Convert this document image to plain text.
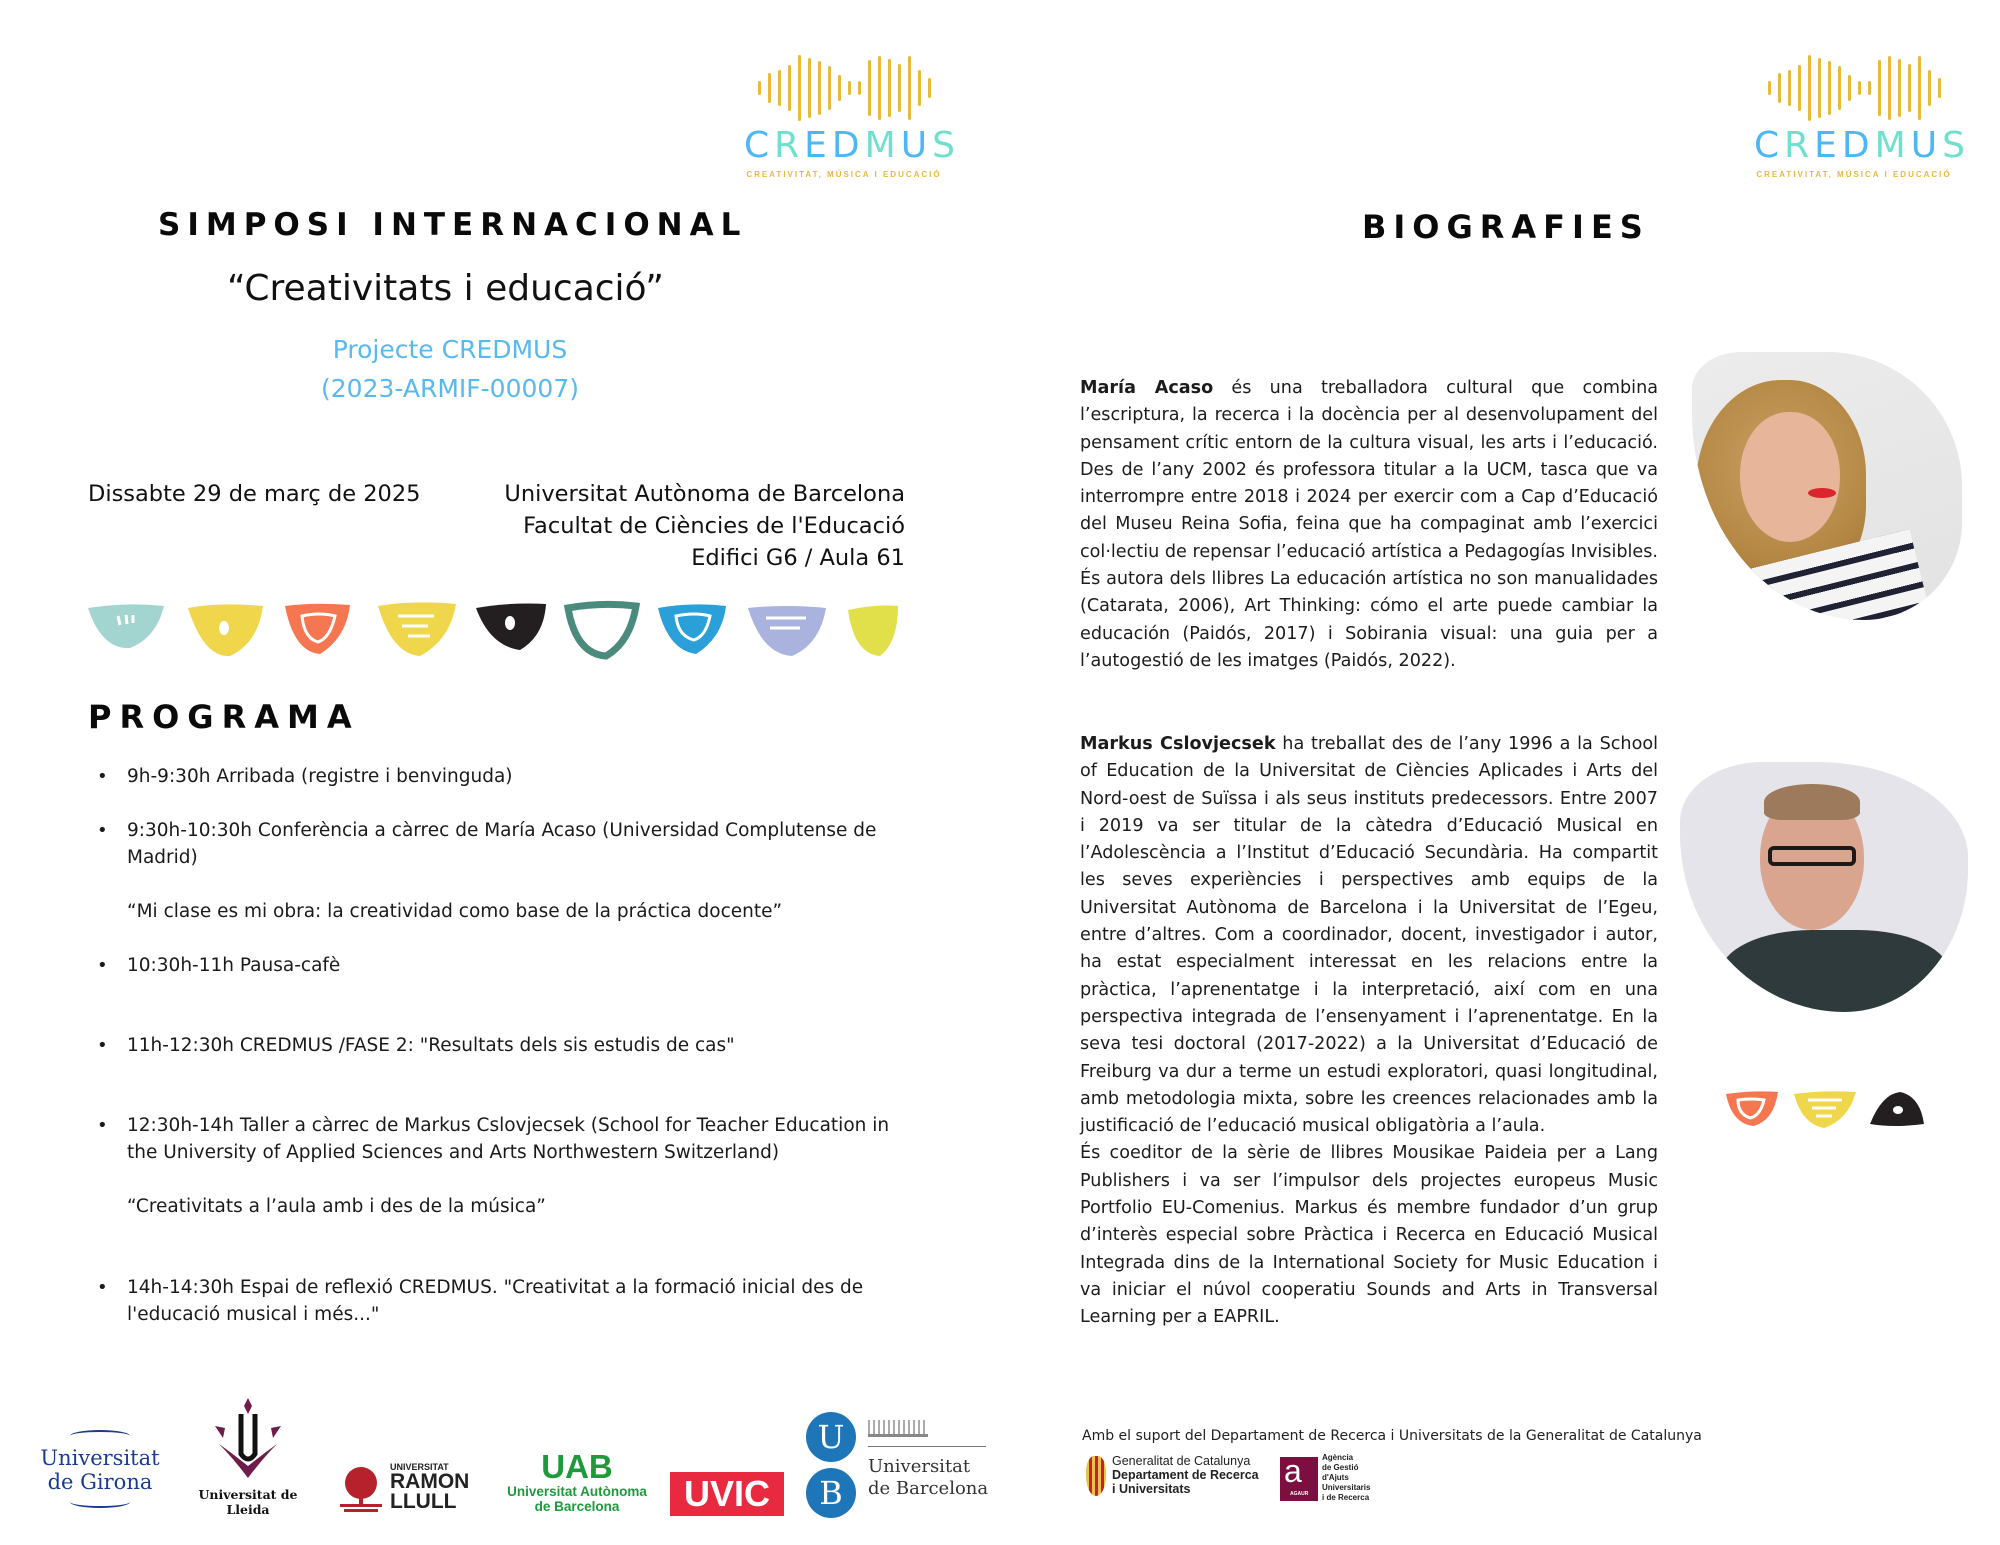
CREDMUS
CREATIVITAT, MÚSICA I EDUCACIÓ
CREDMUS
CREATIVITAT, MÚSICA I EDUCACIÓ
SIMPOSI INTERNACIONAL
“Creativitats i educació”
Projecte CREDMUS
(2023-ARMIF-00007)
Dissabte 29 de març de 2025	Universitat Autònoma de Barcelona
Facultat de Ciències de l'Educació
Edifici G6 / Aula 61
PROGRAMA
• 9h-9:30h Arribada (registre i benvinguda)
• 9:30h-10:30h Conferència a càrrec de María Acaso (Universidad Complutense de Madrid)
“Mi clase es mi obra: la creatividad como base de la práctica docente”
• 10:30h-11h Pausa-cafè
• 11h-12:30h CREDMUS /FASE 2: "Resultats dels sis estudis de cas"
• 12:30h-14h Taller a càrrec de Markus Cslovjecsek (School for Teacher Education in the University of Applied Sciences and Arts Northwestern Switzerland)
“Creativitats a l’aula amb i des de la música”
• 14h-14:30h Espai de reflexió CREDMUS. "Creativitat a la formació inicial des de l'educació musical i més..."
Universitat
de Girona
Universitat de Lleida
UNIVERSITAT
RAMON
LLULL
UAB
Universitat Autònoma
de Barcelona	UVIC
U
B
Universitat
de Barcelona
BIOGRAFIES
María Acaso és una treballadora cultural que combina l’escriptura, la recerca i la docència per al desenvolupament del pensament crític entorn de la cultura visual, les arts i l’educació. Des de l’any 2002 és professora titular a la UCM, tasca que va interrompre entre 2018 i 2024 per exercir com a Cap d’Educació del Museu Reina Sofia, feina que ha compaginat amb l’exercici col·lectiu de repensar l’educació artística a Pedagogías Invisibles. És autora dels llibres La educación artística no son manualidades (Catarata, 2006), Art Thinking: cómo el arte puede cambiar la educación (Paidós, 2017) i Sobirania visual: una guia per a l’autogestió de les imatges (Paidós, 2022).
Markus Cslovjecsek ha treballat des de l’any 1996 a la School of Education de la Universitat de Ciències Aplicades i Arts del Nord-oest de Suïssa i als seus instituts predecessors. Entre 2007 i 2019 va ser titular de la càtedra d’Educació Musical en l’Adolescència a l’Institut d’Educació Secundària. Ha compartit les seves experiències i perspectives amb equips de la Universitat Autònoma de Barcelona i la Universitat de l’Egeu, entre d’altres. Com a coordinador, docent, investigador i autor, ha estat especialment interessat en les relacions entre la pràctica, l’aprenentatge i la interpretació, així com en una perspectiva integrada de l’ensenyament i l’aprenentatge. En la seva tesi doctoral (2017-2022) a la Universitat d’Educació de Freiburg va dur a terme un estudi exploratori, quasi longitudinal, amb metodologia mixta, sobre les creences relacionades amb la justificació de l’educació musical obligatòria a l’aula.
És coeditor de la sèrie de llibres Mousikae Paideia per a Lang Publishers i va ser l’impulsor dels projectes europeus Music Portfolio EU-Comenius. Markus és membre fundador d’un grup d’interès especial sobre Pràctica i Recerca en Educació Musical Integrada dins de la International Society for Music Education i va iniciar el núvol cooperatiu Sounds and Arts in Transversal Learning per a EAPRIL.
Amb el suport del Departament de Recerca i Universitats de la Generalitat de Catalunya
Generalitat de Catalunya
Departament de Recerca
i Universitats	a
AGAUR
Agència
de Gestió
d'Ajuts
Universitaris
i de Recerca
